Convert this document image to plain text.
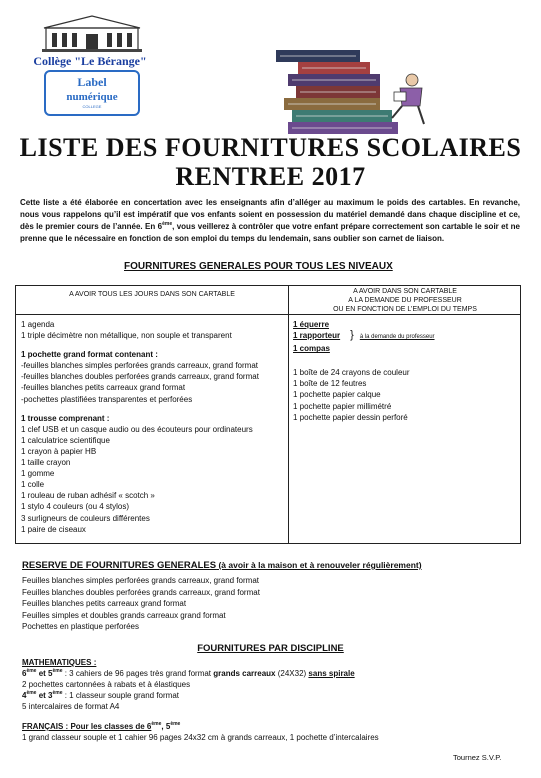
Collège "Le Bérange"
Label
numérique
COLLEGE
LISTE DES FOURNITURES SCOLAIRES
RENTREE 2017
Cette liste a été élaborée en concertation avec les enseignants afin d’alléger au maximum le poids des cartables. En revanche, nous vous rappelons qu’il est impératif que vos enfants soient en possession du matériel demandé dans chaque discipline et ce, dès le premier cours de l’année. En 6ème, vous veillerez à contrôler que votre enfant prépare correctement son cartable le soir et ne prenne que le nécessaire en fonction de son emploi du temps du lendemain, sans oublier son carnet de liaison.
FOURNITURES GENERALES POUR TOUS LES NIVEAUX
A AVOIR TOUS LES JOURS DANS SON CARTABLE	A AVOIR DANS SON CARTABLE
A LA DEMANDE DU PROFESSEUR
OU EN FONCTION DE L’EMPLOI DU TEMPS
1 agenda
1 triple décimètre non métallique, non souple et transparent
1 pochette grand format contenant :
-feuilles blanches simples perforées grands carreaux, grand format
-feuilles blanches doubles perforées grands carreaux, grand format
-feuilles blanches petits carreaux grand format
-pochettes plastifiées transparentes et perforées
1 trousse comprenant :
1 clef USB et un casque audio ou des écouteurs pour ordinateurs
1 calculatrice scientifique
1 crayon à papier HB
1 taille crayon
1 gomme
1 colle
1 rouleau de ruban adhésif « scotch »
1 stylo 4 couleurs (ou 4 stylos)
3 surligneurs de couleurs différentes
1 paire de ciseaux
1 équerre
1 rapporteur } à la demande du professeur
1 compas
1 boîte de 24 crayons de couleur
1 boîte de 12 feutres
1 pochette papier calque
1 pochette papier millimétré
1 pochette papier dessin perforé
RESERVE DE FOURNITURES GENERALES (à avoir à la maison et à renouveler régulièrement)
Feuilles blanches simples perforées grands carreaux, grand format
Feuilles blanches doubles perforées grands carreaux, grand format
Feuilles blanches petits carreaux grand format
Feuilles simples et doubles grands carreaux grand format
Pochettes en plastique perforées
FOURNITURES PAR DISCIPLINE
MATHEMATIQUES :
6ème et 5ème : 3 cahiers de 96 pages très grand format grands carreaux (24X32) sans spirale
2 pochettes cartonnées à rabats et à élastiques
4ème et 3ème : 1 classeur souple grand format
5 intercalaires de format A4
FRANÇAIS : Pour les classes de 6ème, 5ème
1 grand classeur souple et 1 cahier 96 pages 24x32 cm à grands carreaux, 1 pochette d’intercalaires
Tournez S.V.P.
